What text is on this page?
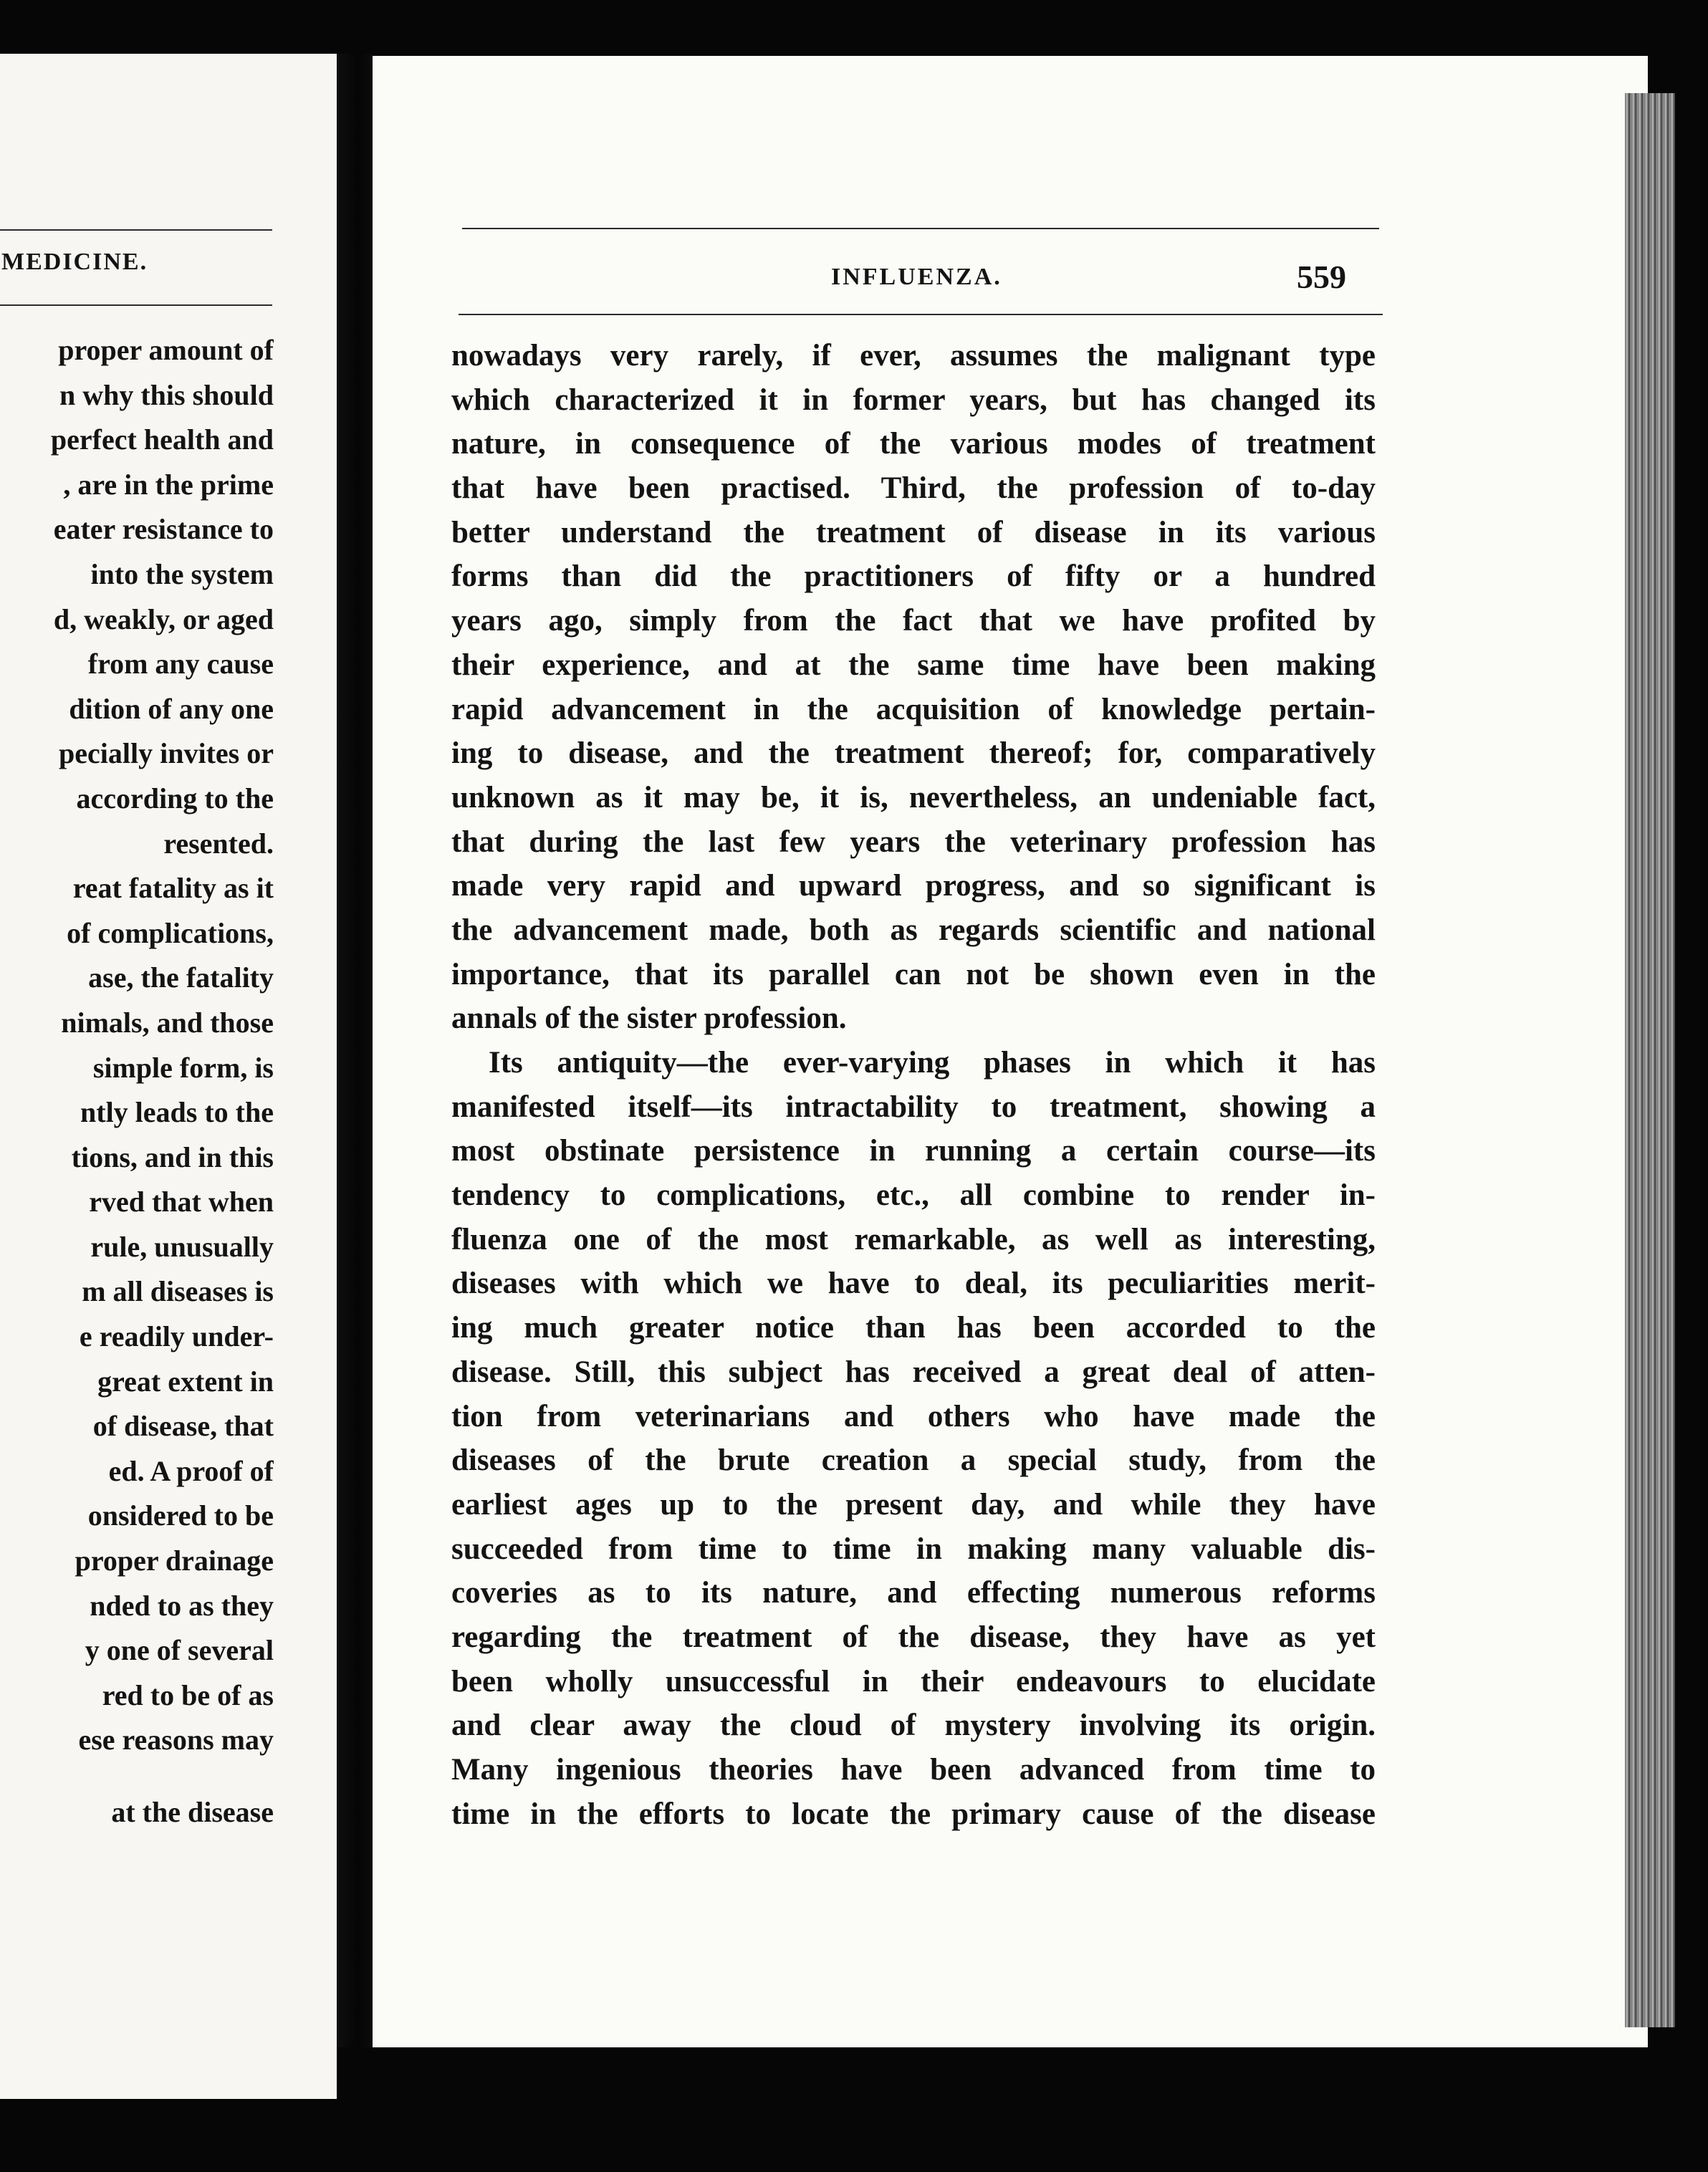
MEDICINE.
proper amount of
n why this should
perfect health and
, are in the prime
eater resistance to
into the system
d, weakly, or aged
from any cause
dition of any one
pecially invites or
according to the
resented.
reat fatality as it
of complications,
ase, the fatality
nimals, and those
simple form, is
ntly leads to the
tions, and in this
rved that when
rule, unusually
m all diseases is
e readily under-
great extent in
of disease, that
ed. A proof of
onsidered to be
proper drainage
nded to as they
y one of several
red to be of as
ese reasons may
at the disease
INFLUENZA.	559
nowadays very rarely, if ever, assumes the malignant type
which characterized it in former years, but has changed its
nature, in consequence of the various modes of treatment
that have been practised. Third, the profession of to-day
better understand the treatment of disease in its various
forms than did the practitioners of fifty or a hundred
years ago, simply from the fact that we have profited by
their experience, and at the same time have been making
rapid advancement in the acquisition of knowledge pertain-
ing to disease, and the treatment thereof; for, comparatively
unknown as it may be, it is, nevertheless, an undeniable fact,
that during the last few years the veterinary profession has
made very rapid and upward progress, and so significant is
the advancement made, both as regards scientific and national
importance, that its parallel can not be shown even in the
annals of the sister profession.
Its antiquity—the ever-varying phases in which it has
manifested itself—its intractability to treatment, showing a
most obstinate persistence in running a certain course—its
tendency to complications, etc., all combine to render in-
fluenza one of the most remarkable, as well as interesting,
diseases with which we have to deal, its peculiarities merit-
ing much greater notice than has been accorded to the
disease. Still, this subject has received a great deal of atten-
tion from veterinarians and others who have made the
diseases of the brute creation a special study, from the
earliest ages up to the present day, and while they have
succeeded from time to time in making many valuable dis-
coveries as to its nature, and effecting numerous reforms
regarding the treatment of the disease, they have as yet
been wholly unsuccessful in their endeavours to elucidate
and clear away the cloud of mystery involving its origin.
Many ingenious theories have been advanced from time to
time in the efforts to locate the primary cause of the disease
